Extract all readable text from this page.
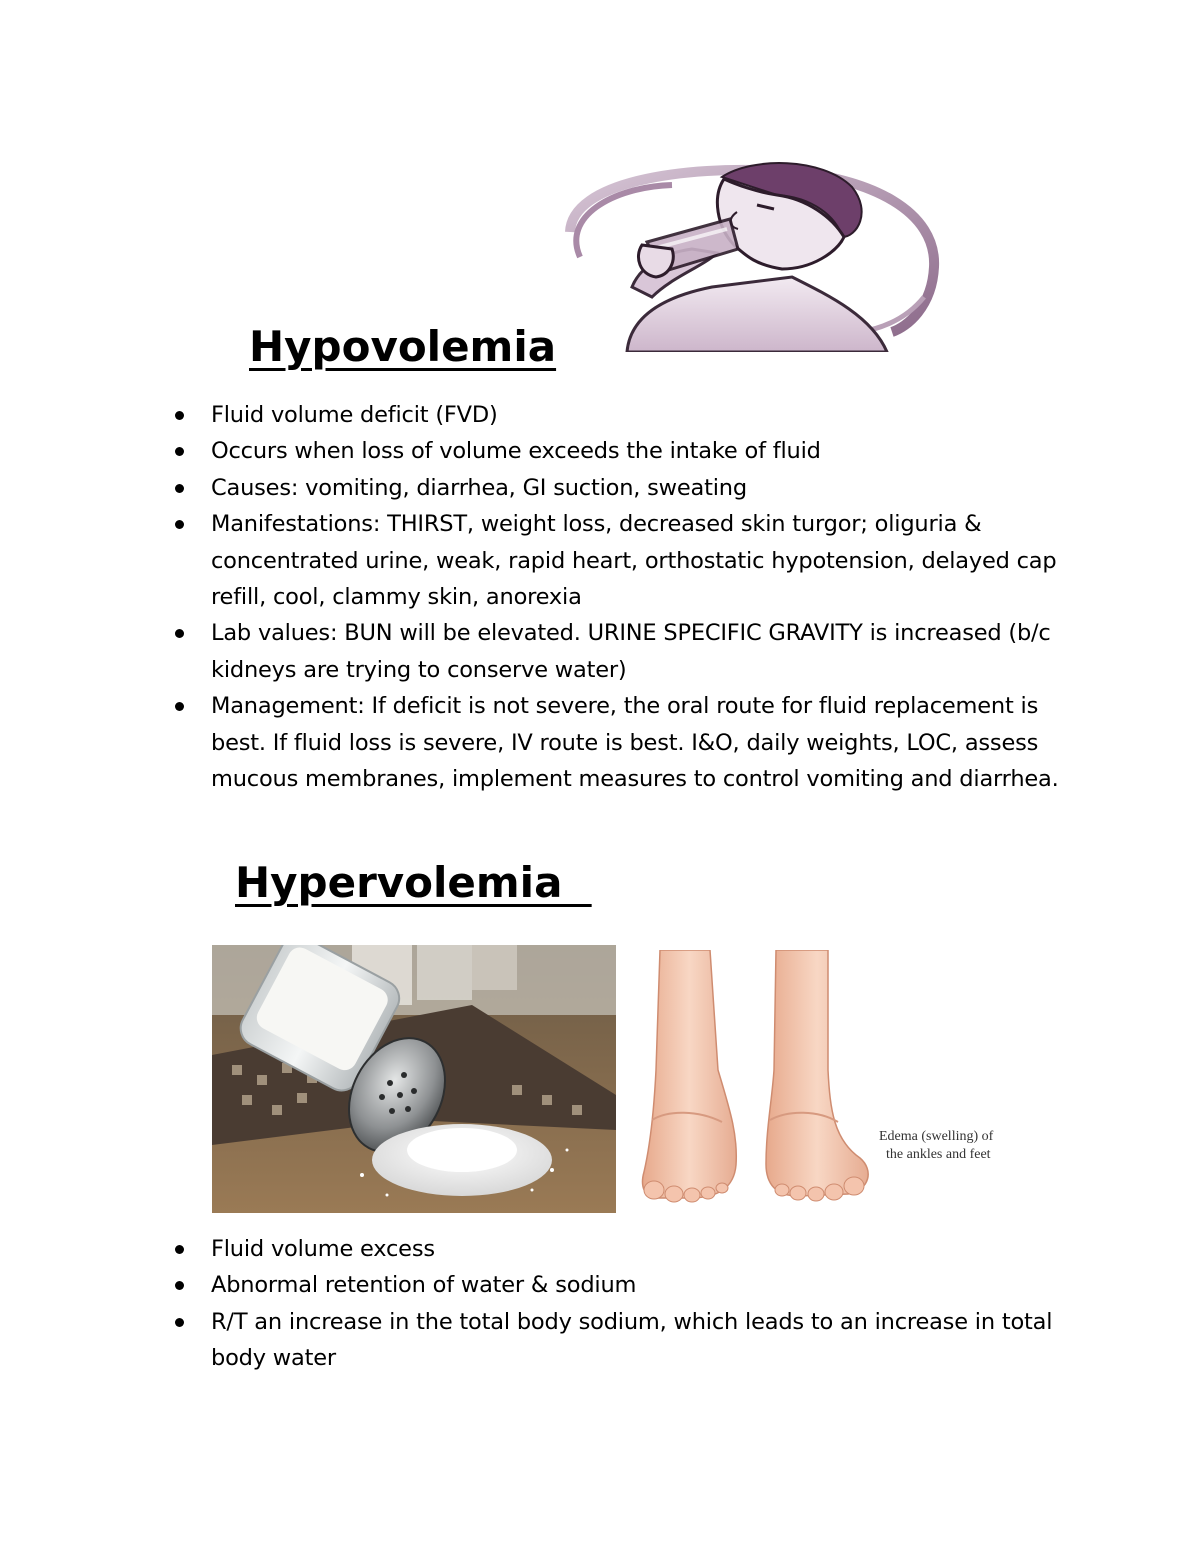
Hypovolemia
Fluid volume deficit (FVD)
Occurs when loss of volume exceeds the intake of fluid
Causes: vomiting, diarrhea, GI suction, sweating
Manifestations: THIRST, weight loss, decreased skin turgor; oliguria & concentrated urine, weak, rapid heart, orthostatic hypotension, delayed cap refill, cool, clammy skin, anorexia
Lab values: BUN will be elevated. URINE SPECIFIC GRAVITY is increased (b/c kidneys are trying to conserve water)
Management: If deficit is not severe, the oral route for fluid replacement is best. If fluid loss is severe, IV route is best. I&O, daily weights, LOC, assess mucous membranes, implement measures to control vomiting and diarrhea.
Hypervolemia
Edema (swelling) of
the ankles and feet
Fluid volume excess
Abnormal retention of water & sodium
R/T an increase in the total body sodium, which leads to an increase in total body water
